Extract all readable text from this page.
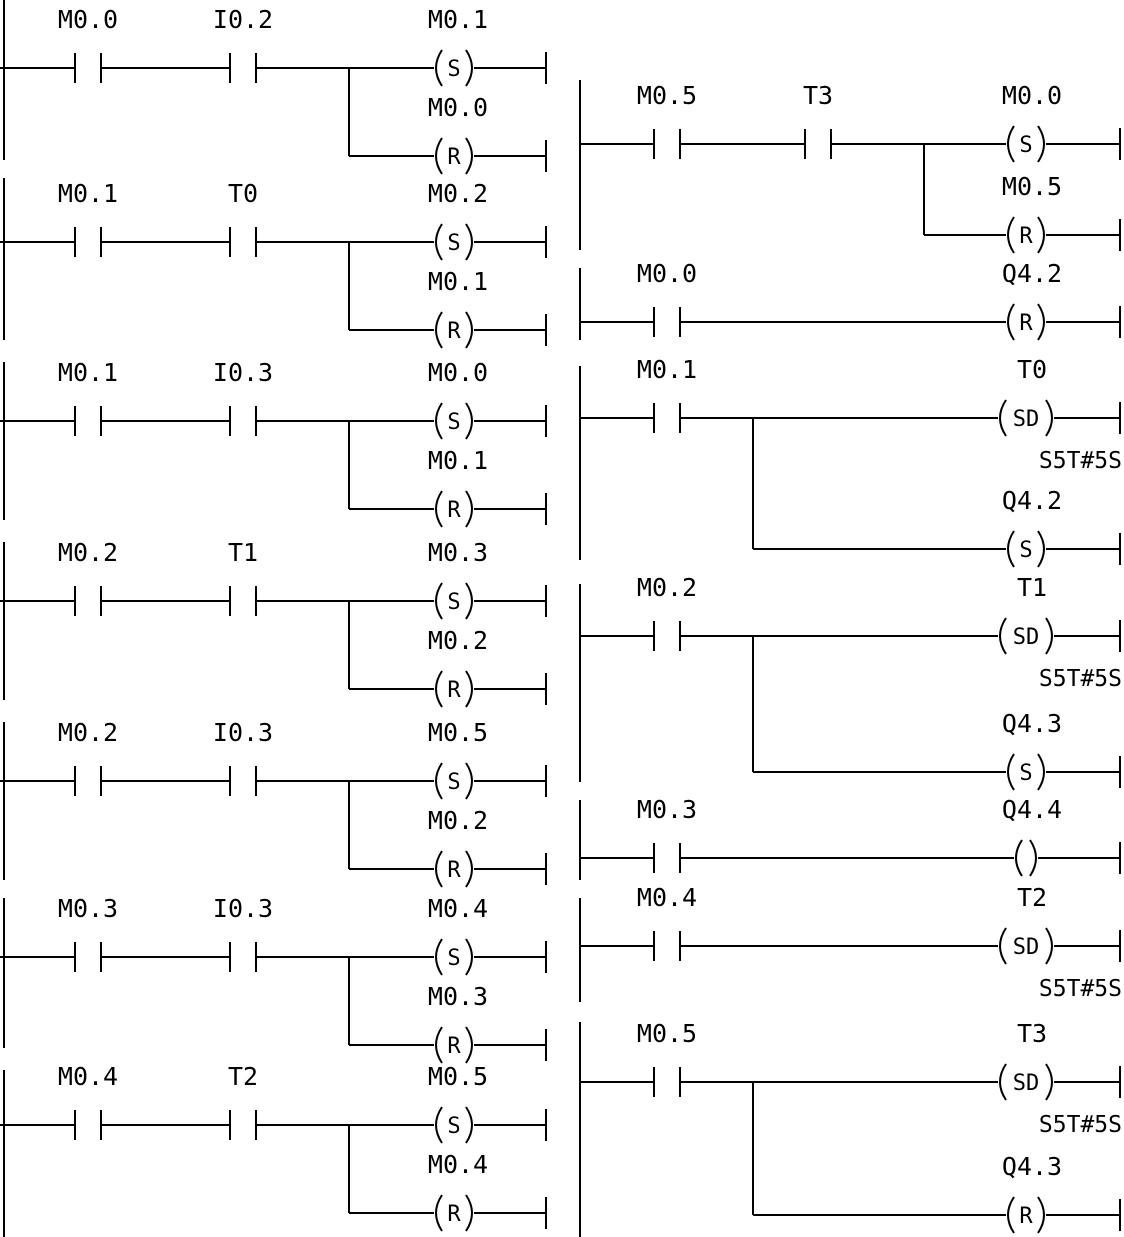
M0.0	I0.2
S
M0.1
R
M0.0
M0.1	T0
S
M0.2
R
M0.1
M0.1	I0.3
S
M0.0
R
M0.1
M0.2	T1
S
M0.3
R
M0.2
M0.2	I0.3
S
M0.5
R
M0.2
M0.3	I0.3
S
M0.4
R
M0.3
M0.4	T2
S
M0.5
R
M0.4
M0.5	T3
S
M0.0
R
M0.5
M0.0
R
Q4.2
M0.1
SD
T0
S5T#5S
S
Q4.2
M0.2
SD
T1
S5T#5S
S
Q4.3
M0.3	Q4.4
M0.4
SD
T2
S5T#5S
M0.5
SD
T3
S5T#5S
R
Q4.3
